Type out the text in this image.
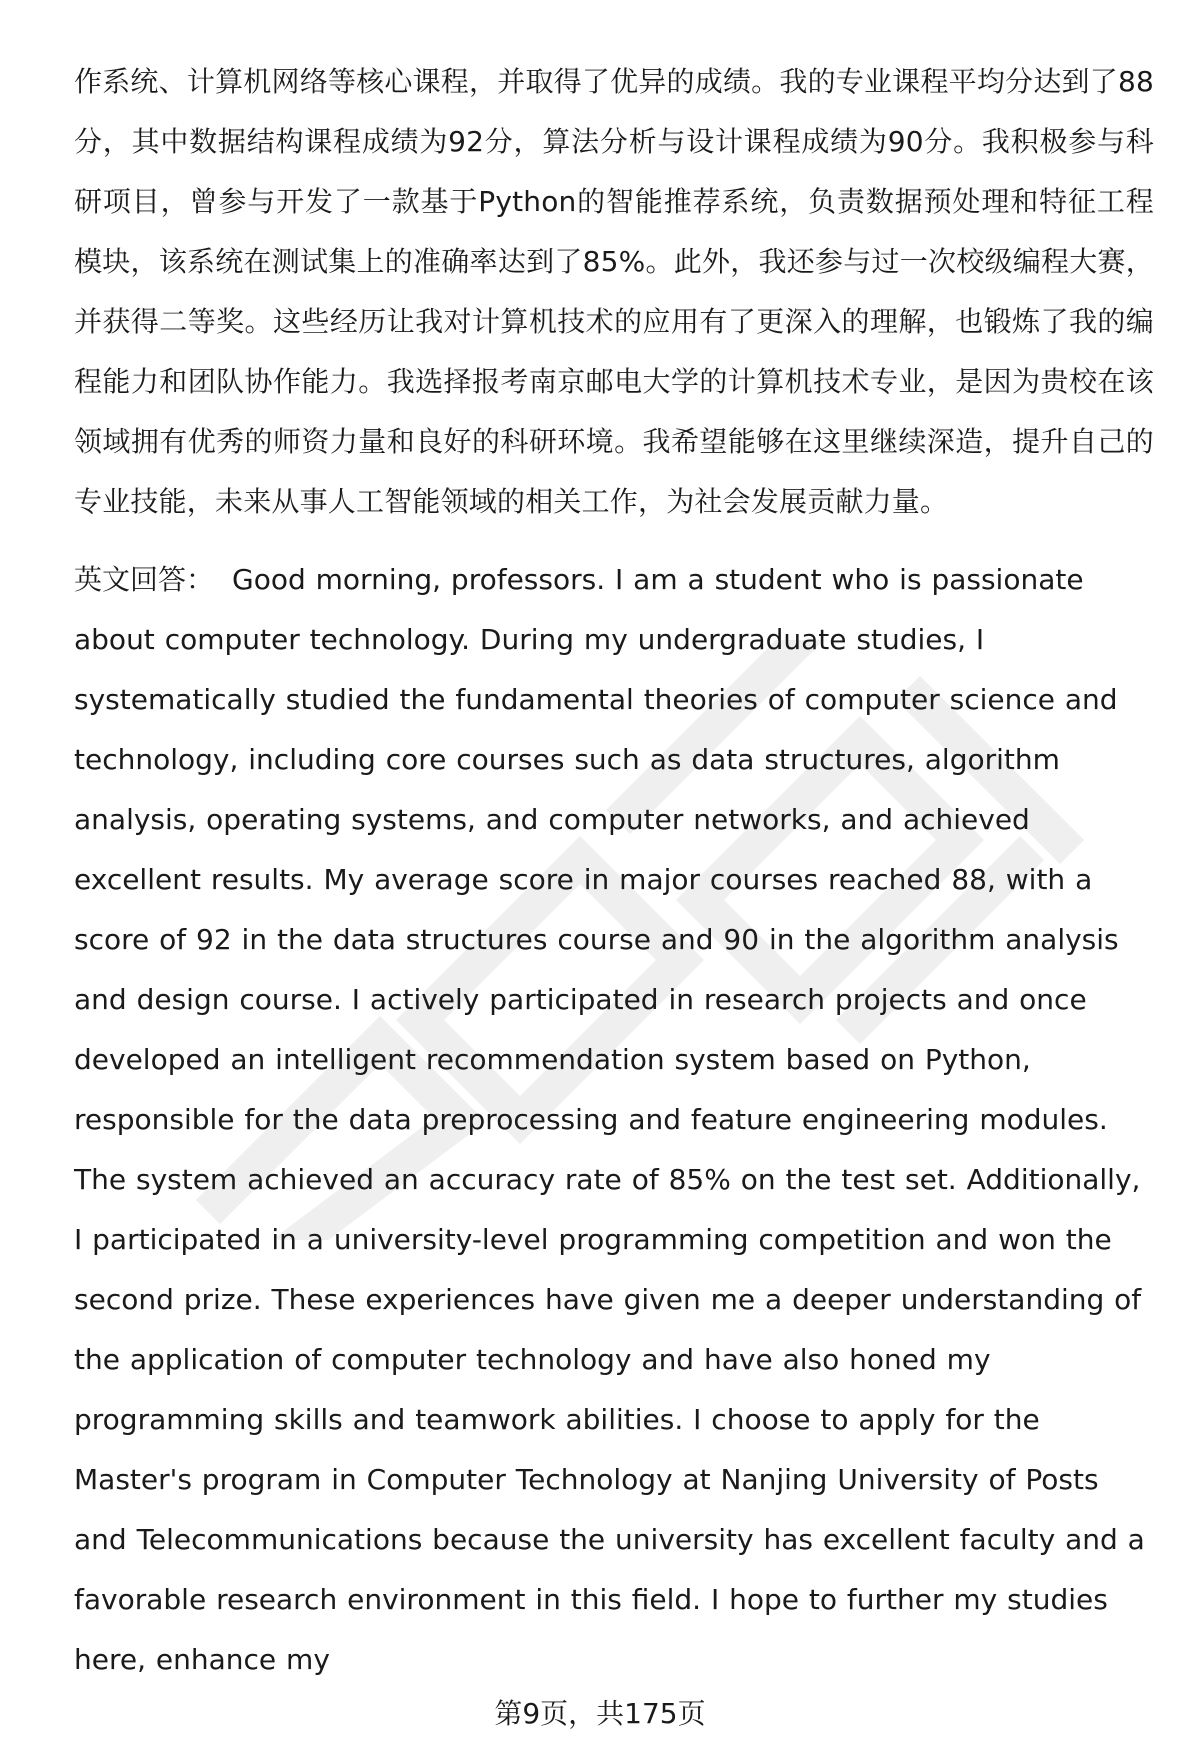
作系统、计算机网络等核心课程，并取得了优异的成绩。我的专业课程平均分达到了88分，其中数据结构课程成绩为92分，算法分析与设计课程成绩为90分。我积极参与科研项目，曾参与开发了一款基于Python的智能推荐系统，负责数据预处理和特征工程模块，该系统在测试集上的准确率达到了85%。此外，我还参与过一次校级编程大赛，并获得二等奖。这些经历让我对计算机技术的应用有了更深入的理解，也锻炼了我的编程能力和团队协作能力。我选择报考南京邮电大学的计算机技术专业，是因为贵校在该领域拥有优秀的师资力量和良好的科研环境。我希望能够在这里继续深造，提升自己的专业技能，未来从事人工智能领域的相关工作，为社会发展贡献力量。

英文回答： Good morning, professors. I am a student who is passionate about computer technology. During my undergraduate studies, I systematically studied the fundamental theories of computer science and technology, including core courses such as data structures, algorithm analysis, operating systems, and computer networks, and achieved excellent results. My average score in major courses reached 88, with a score of 92 in the data structures course and 90 in the algorithm analysis and design course. I actively participated in research projects and once developed an intelligent recommendation system based on Python, responsible for the data preprocessing and feature engineering modules. The system achieved an accuracy rate of 85% on the test set. Additionally, I participated in a university-level programming competition and won the second prize. These experiences have given me a deeper understanding of the application of computer technology and have also honed my programming skills and teamwork abilities. I choose to apply for the Master's program in Computer Technology at Nanjing University of Posts and Telecommunications because the university has excellent faculty and a favorable research environment in this field. I hope to further my studies here, enhance my

第9页，共175页
